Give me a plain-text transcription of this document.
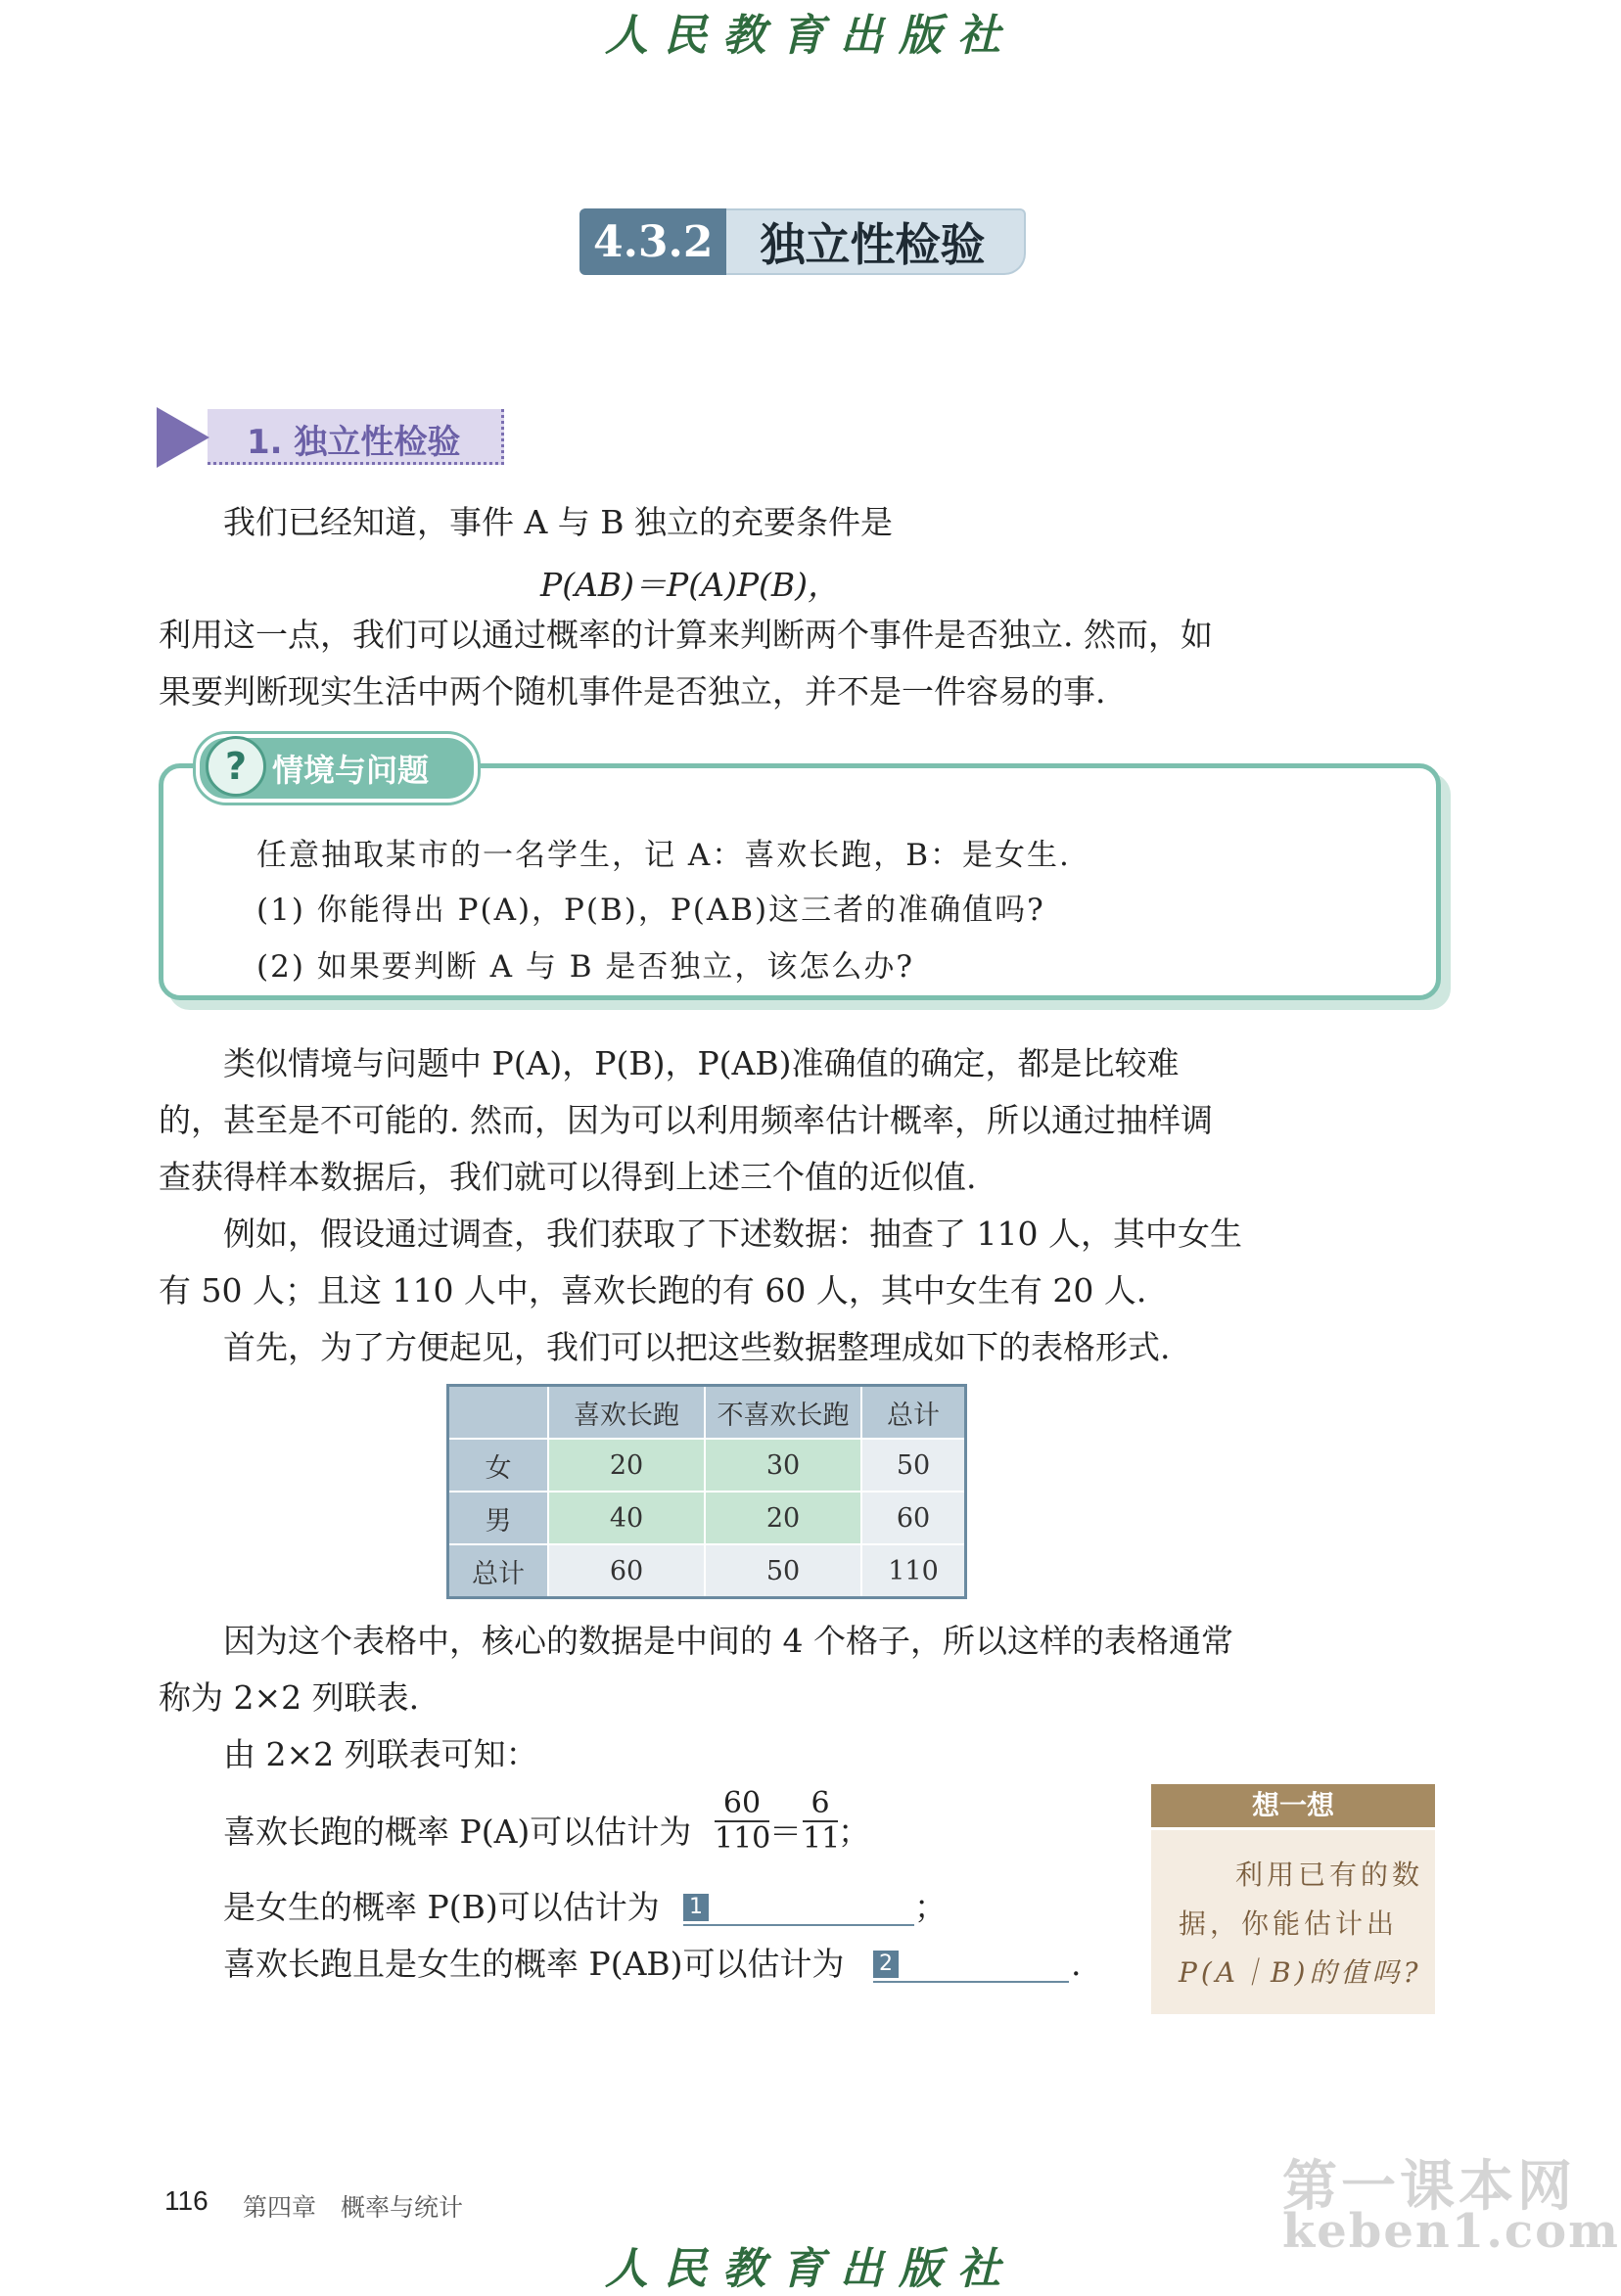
人民教育出版社
4.3.2	独立性检验
1. 独立性检验
我们已经知道，事件 A 与 B 独立的充要条件是
P(AB)＝P(A)P(B)，
利用这一点，我们可以通过概率的计算来判断两个事件是否独立. 然而，如
果要判断现实生活中两个随机事件是否独立，并不是一件容易的事.
? 情境与问题
任意抽取某市的一名学生，记 A：喜欢长跑，B：是女生.
(1) 你能得出 P(A)，P(B)，P(AB)这三者的准确值吗?
(2) 如果要判断 A 与 B 是否独立，该怎么办?
类似情境与问题中 P(A)，P(B)，P(AB)准确值的确定，都是比较难
的，甚至是不可能的. 然而，因为可以利用频率估计概率，所以通过抽样调
查获得样本数据后，我们就可以得到上述三个值的近似值.
例如，假设通过调查，我们获取了下述数据：抽查了 110 人，其中女生
有 50 人；且这 110 人中，喜欢长跑的有 60 人，其中女生有 20 人.
首先，为了方便起见，我们可以把这些数据整理成如下的表格形式.
	喜欢长跑	不喜欢长跑	总计
女	20	30	50
男	40	20	60
总计	60	50	110
因为这个表格中，核心的数据是中间的 4 个格子，所以这样的表格通常
称为 2×2 列联表.
由 2×2 列联表可知：
喜欢长跑的概率 P(A)可以估计为 $\frac{60}{110} = \frac{6}{11}$ ；
是女生的概率 P(B)可以估计为 1	；
喜欢长跑且是女生的概率 P(AB)可以估计为 2	.
想一想
利用已有的数
据，你能估计出
P(A｜B)的值吗?
116 第四章　概率与统计	第一课本网
keben1.com
人民教育出版社
